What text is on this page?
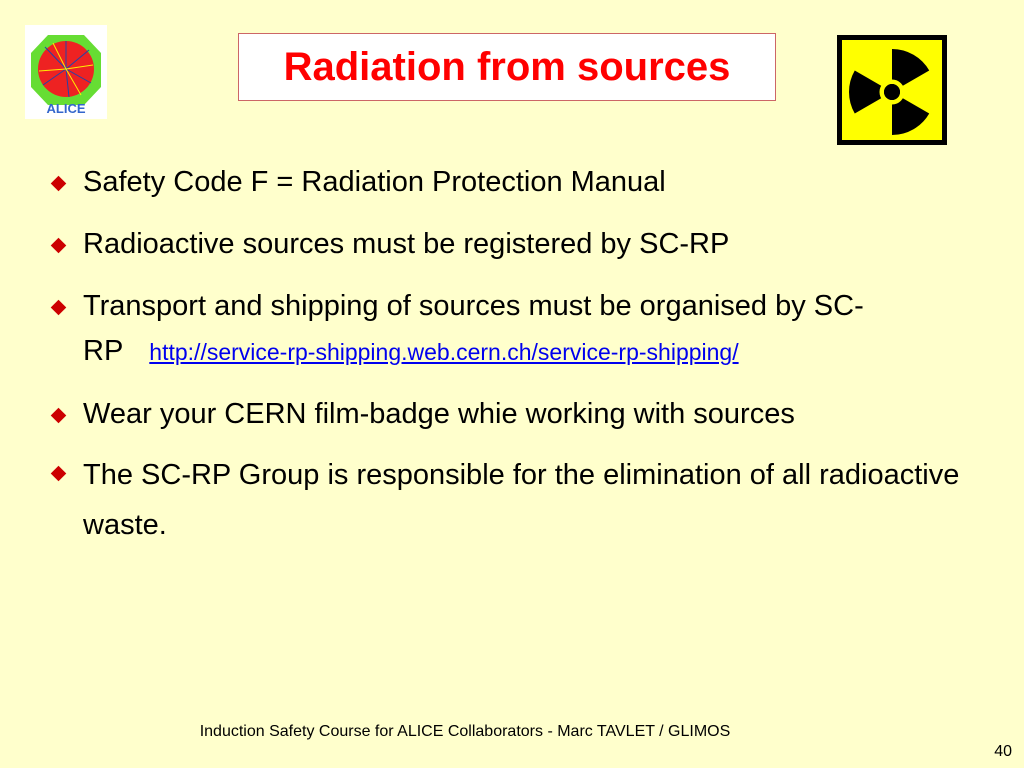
ALICE
Radiation from sources
Safety Code F = Radiation Protection Manual
Radioactive sources must be registered by SC-RP
Transport and shipping of sources must be organised by SC-RP http://service-rp-shipping.web.cern.ch/service-rp-shipping/
Wear your CERN film-badge whie working with sources
The SC-RP Group is responsible for the elimination of all radioactive waste.
Induction Safety Course for ALICE Collaborators - Marc TAVLET / GLIMOS
40
